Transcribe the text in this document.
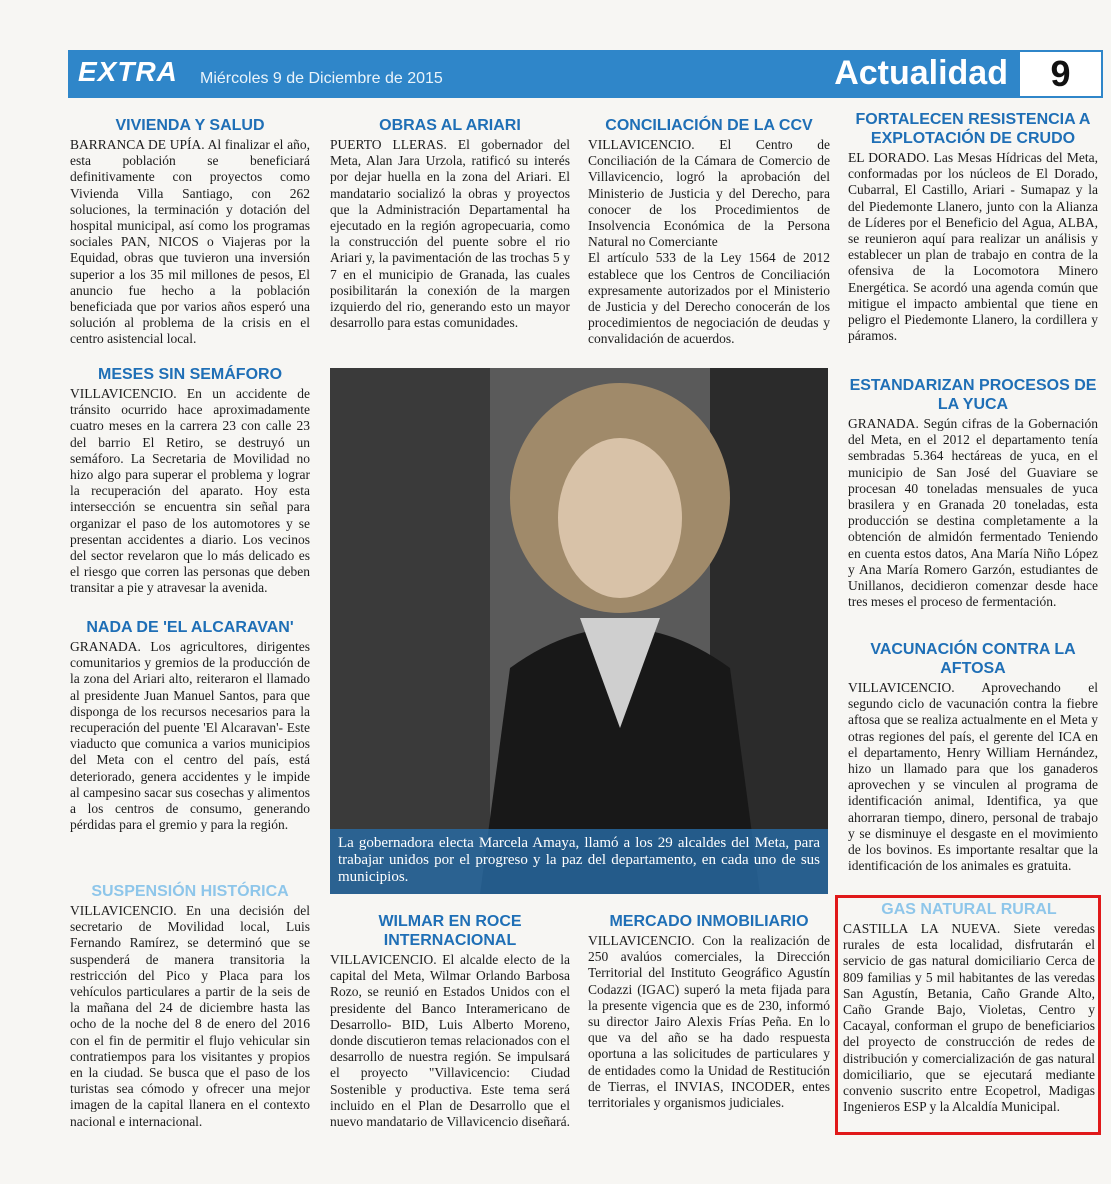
EXTRA Miércoles 9 de Diciembre de 2015	Actualidad	9
VIVIENDA Y SALUD

BARRANCA DE UPÍA. Al finalizar el año, esta población se beneficiará definitivamente con proyectos como Vivienda Villa Santiago, con 262 soluciones, la terminación y dotación del hospital municipal, así como los programas sociales PAN, NICOS o Viajeras por la Equidad, obras que tuvieron una inversión superior a los 35 mil millones de pesos, El anuncio fue hecho a la población beneficiada que por varios años esperó una solución al problema de la crisis en el centro asistencial local.

MESES SIN SEMÁFORO

VILLAVICENCIO. En un accidente de tránsito ocurrido hace aproximadamente cuatro meses en la carrera 23 con calle 23 del barrio El Retiro, se destruyó un semáforo. La Secretaria de Movilidad no hizo algo para superar el problema y lograr la recuperación del aparato. Hoy esta intersección se encuentra sin señal para organizar el paso de los automotores y se presentan accidentes a diario. Los vecinos del sector revelaron que lo más delicado es el riesgo que corren las personas que deben transitar a pie y atravesar la avenida.

NADA DE 'EL ALCARAVAN'

GRANADA. Los agricultores, dirigentes comunitarios y gremios de la producción de la zona del Ariari alto, reiteraron el llamado al presidente Juan Manuel Santos, para que disponga de los recursos necesarios para la recuperación del puente 'El Alcaravan'- Este viaducto que comunica a varios municipios del Meta con el centro del país, está deteriorado, genera accidentes y le impide al campesino sacar sus cosechas y alimentos a los centros de consumo, generando pérdidas para el gremio y para la región.

SUSPENSIÓN HISTÓRICA

VILLAVICENCIO. En una decisión del secretario de Movilidad local, Luis Fernando Ramírez, se determinó que se suspenderá de manera transitoria la restricción del Pico y Placa para los vehículos particulares a partir de la seis de la mañana del 24 de diciembre hasta las ocho de la noche del 8 de enero del 2016 con el fin de permitir el flujo vehicular sin contratiempos para los visitantes y propios en la ciudad. Se busca que el paso de los turistas sea cómodo y ofrecer una mejor imagen de la capital llanera en el contexto nacional e internacional.

OBRAS AL ARIARI

PUERTO LLERAS. El gobernador del Meta, Alan Jara Urzola, ratificó su interés por dejar huella en la zona del Ariari. El mandatario socializó la obras y proyectos que la Administración Departamental ha ejecutado en la región agropecuaria, como la construcción del puente sobre el rio Ariari y, la pavimentación de las trochas 5 y 7 en el municipio de Granada, las cuales posibilitarán la conexión de la margen izquierdo del rio, generando esto un mayor desarrollo para estas comunidades.

CONCILIACIÓN DE LA CCV

VILLAVICENCIO. El Centro de Conciliación de la Cámara de Comercio de Villavicencio, logró la aprobación del Ministerio de Justicia y del Derecho, para conocer de los Procedimientos de Insolvencia Económica de la Persona Natural no Comerciante

El artículo 533 de la Ley 1564 de 2012 establece que los Centros de Conciliación expresamente autorizados por el Ministerio de Justicia y del Derecho conocerán de los procedimientos de negociación de deudas y convalidación de acuerdos.

La gobernadora electa Marcela Amaya, llamó a los 29 alcaldes del Meta, para trabajar unidos por el progreso y la paz del departamento, en cada uno de sus municipios.
FORTALECEN RESISTENCIA A EXPLOTACIÓN DE CRUDO

EL DORADO. Las Mesas Hídricas del Meta, conformadas por los núcleos de El Dorado, Cubarral, El Castillo, Ariari - Sumapaz y la del Piedemonte Llanero, junto con la Alianza de Líderes por el Beneficio del Agua, ALBA, se reunieron aquí para realizar un análisis y establecer un plan de trabajo en contra de la ofensiva de la Locomotora Minero Energética. Se acordó una agenda común que mitigue el impacto ambiental que tiene en peligro el Piedemonte Llanero, la cordillera y páramos.

ESTANDARIZAN PROCESOS DE LA YUCA

GRANADA. Según cifras de la Gobernación del Meta, en el 2012 el departamento tenía sembradas 5.364 hectáreas de yuca, en el municipio de San José del Guaviare se procesan 40 toneladas mensuales de yuca brasilera y en Granada 20 toneladas, esta producción se destina completamente a la obtención de almidón fermentado Teniendo en cuenta estos datos, Ana María Niño López y Ana María Romero Garzón, estudiantes de Unillanos, decidieron comenzar desde hace tres meses el proceso de fermentación.

VACUNACIÓN CONTRA LA AFTOSA

VILLAVICENCIO. Aprovechando el segundo ciclo de vacunación contra la fiebre aftosa que se realiza actualmente en el Meta y otras regiones del país, el gerente del ICA en el departamento, Henry William Hernández, hizo un llamado para que los ganaderos aprovechen y se vinculen al programa de identificación animal, Identifica, ya que ahorraran tiempo, dinero, personal de trabajo y se disminuye el desgaste en el movimiento de los bovinos. Es importante resaltar que la identificación de los animales es gratuita.

WILMAR EN ROCE INTERNACIONAL

VILLAVICENCIO. El alcalde electo de la capital del Meta, Wilmar Orlando Barbosa Rozo, se reunió en Estados Unidos con el presidente del Banco Interamericano de Desarrollo- BID, Luis Alberto Moreno, donde discutieron temas relacionados con el desarrollo de nuestra región. Se impulsará el proyecto "Villavicencio: Ciudad Sostenible y productiva. Este tema será incluido en el Plan de Desarrollo que el nuevo mandatario de Villavicencio diseñará.

MERCADO INMOBILIARIO

VILLAVICENCIO. Con la realización de 250 avalúos comerciales, la Dirección Territorial del Instituto Geográfico Agustín Codazzi (IGAC) superó la meta fijada para la presente vigencia que es de 230, informó su director Jairo Alexis Frías Peña. En lo que va del año se ha dado respuesta oportuna a las solicitudes de particulares y de entidades como la Unidad de Restitución de Tierras, el INVIAS, INCODER, entes territoriales y organismos judiciales.

GAS NATURAL RURAL

CASTILLA LA NUEVA. Siete veredas rurales de esta localidad, disfrutarán el servicio de gas natural domiciliario Cerca de 809 familias y 5 mil habitantes de las veredas San Agustín, Betania, Caño Grande Alto, Caño Grande Bajo, Violetas, Centro y Cacayal, conforman el grupo de beneficiarios del proyecto de construcción de redes de distribución y comercialización de gas natural domiciliario, que se ejecutará mediante convenio suscrito entre Ecopetrol, Madigas Ingenieros ESP y la Alcaldía Municipal.
